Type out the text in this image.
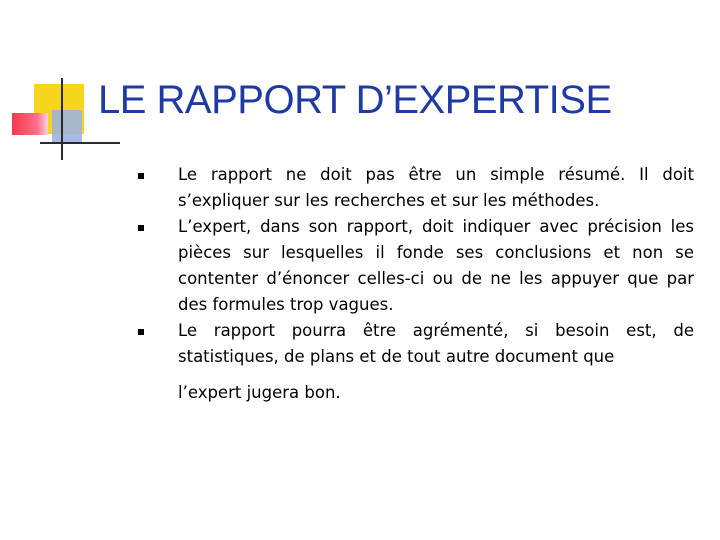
LE RAPPORT D’EXPERTISE
Le rapport ne doit pas être un simple résumé. Il doit s’expliquer sur les recherches et sur les méthodes.
L’expert, dans son rapport, doit indiquer avec précision les pièces sur lesquelles il fonde ses conclusions et non se contenter d’énoncer celles-ci ou de ne les appuyer que par des formules trop vagues.
Le rapport pourra être agrémenté, si besoin est, de statistiques, de plans et de tout autre document que
l’expert jugera bon.
